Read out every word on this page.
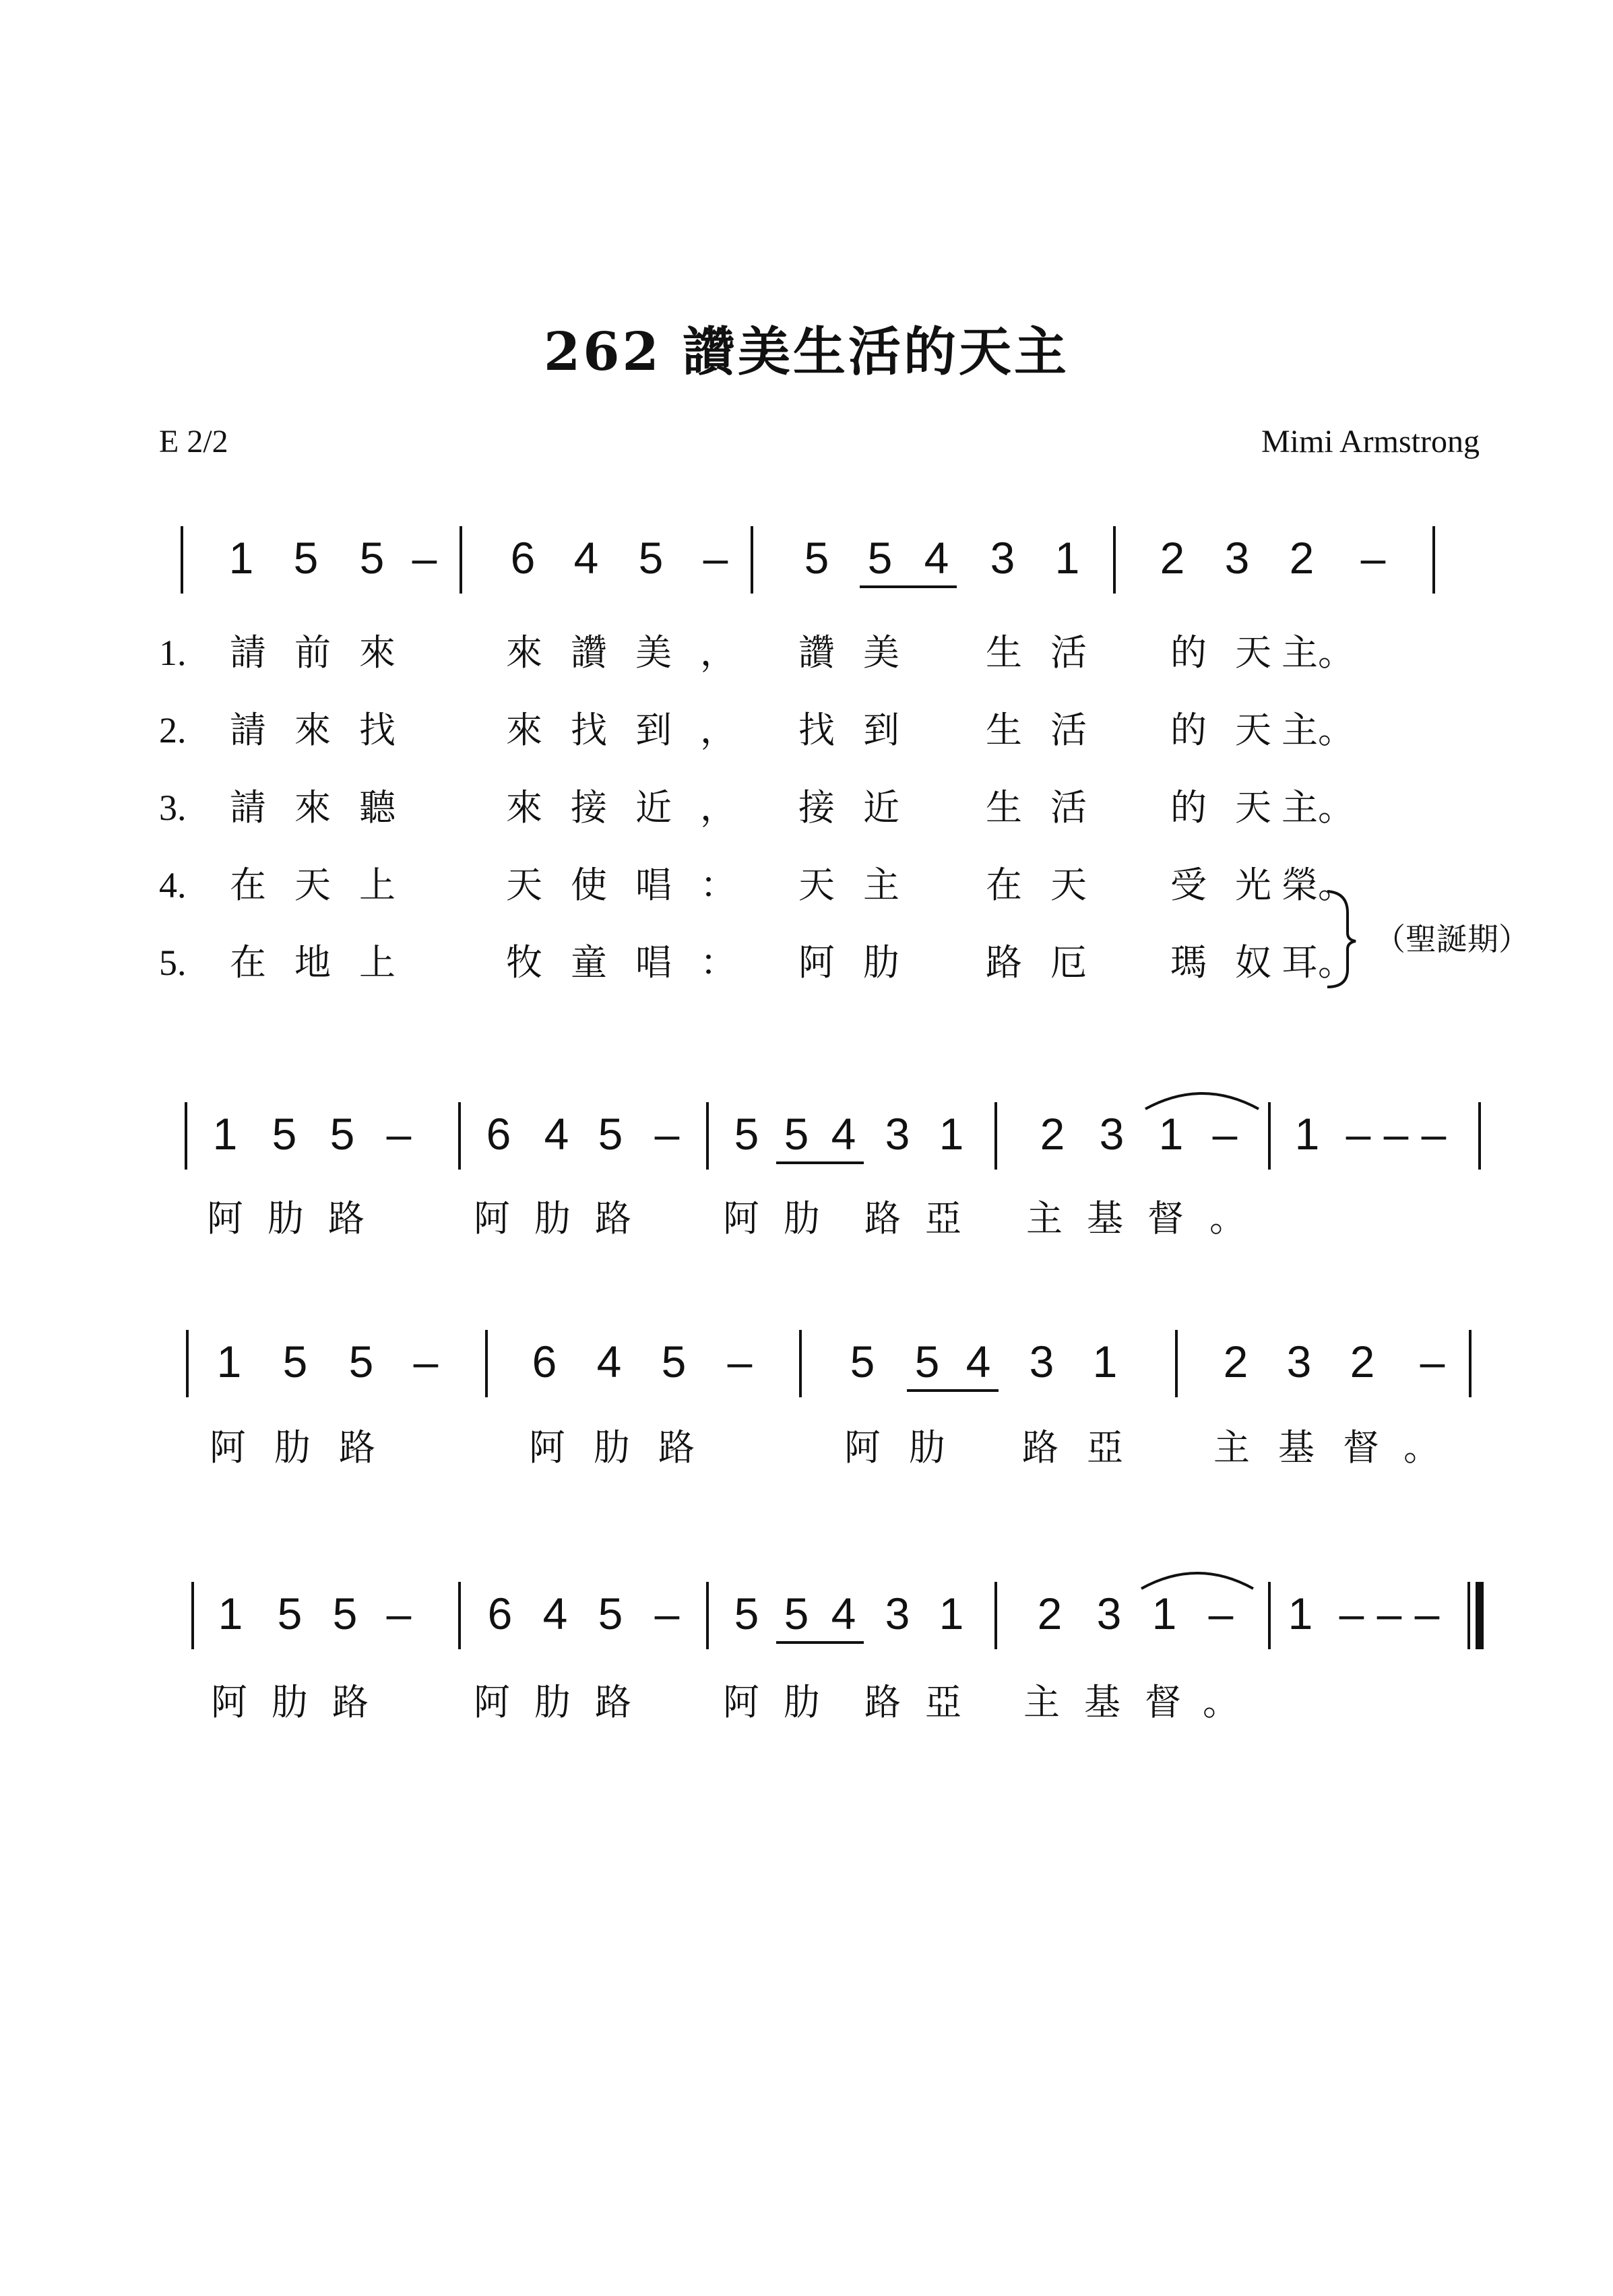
262 讚美生活的天主
E 2/2	Mimi Armstrong
1 5 5 – 6 4 5 – 5 5 4 3 1 2 3 2 –
1. 請 前 來	來 讚 美 ， 讚 美 生 活 的 天 主。
2. 請 來 找	來 找 到 ， 找 到 生 活 的 天 主。
3. 請 來 聽	來 接 近 ， 接 近 生 活 的 天 主。
4. 在 天 上	天 使 唱 ： 天 主 在 天 受 光 榮。
5. 在 地 上	牧 童 唱 ： 阿 肋 路 厄 瑪 奴 耳。
1 5 5 – 6 4 5 – 5 5 4 3 1 2 3 1 – 1 – – –
阿 肋 路	阿 肋 路	阿 肋 路 亞 主 基 督 。
1 5 5 – 6 4 5 – 5 5 4 3 1 2 3 2 –
阿 肋 路	阿 肋 路	阿 肋 路 亞 主 基 督 。
1 5 5 – 6 4 5 – 5 5 4 3 1 2 3 1 – 1 – – –
阿 肋 路	阿 肋 路	阿 肋 路 亞 主 基 督 。
（聖誕期）
